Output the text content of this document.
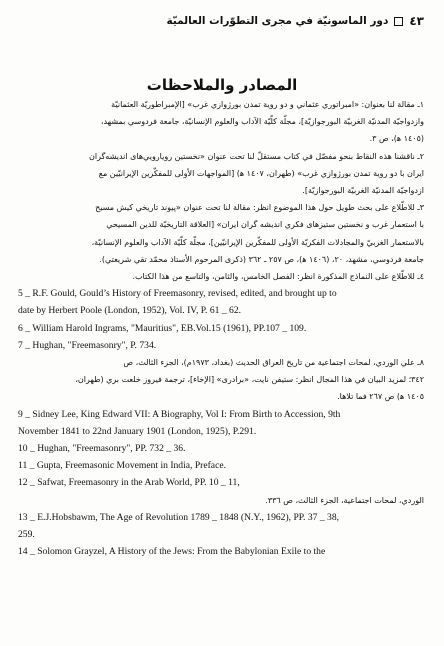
٤٣
دور الماسونيّة في مجرى التطوّرات العالميّة
المصادر والملاحظات

١ـ مقالة لنا بعنوان: «امبراتوري عثماني و دو روية تمدن بورژوازي غرب» [الإمبراطوريّة العثمانيّة

وازدواجيّة المدنيّة الغربيّة البورجوازيّة]، مجلّة كلّيّة الآداب والعلوم الإنسانيّة، جامعة فردوسي بمشهد،

(١٤٠٥ ﻫ)، ص ٣.

٢ـ ناقشنا هذه النقاط بنحو مفصّل في كتاب مستقلّ لنا تحت عنوان «نخستين رويارويي‌هاى انديشه‌گران

ايران با دو روية تمدن بورژوازي غرب» (طهران، ١٤٠٧ ﻫ) [المواجهات الأولى للمفكّرين الإيرانيّين مع

ازدواجيّة المدنيّة الغربيّة البورجوازيّة].

٣ـ للاطّلاع على بحث طويل حول هذا الموضوع انظر: مقالة لنا تحت عنوان «پيوند تاريخي كيش مسيح

با استعمار غرب و نخستين ستيزهاى فكري انديشه گران ايران» [العلاقة التاريخيّة للدين المسيحي

بالاستعمار الغربيّ والمجادلات الفكريّة الأولى للمفكّرين الإيرانيّين]، مجلّة كلّيّة الآداب والعلوم الإنسانيّة،

جامعة فردوسي، مشهد، ٢٠، (١٤٠٦ ﻫ)، ص ٢٥٧ ـ ٣٦٢ (ذكرى المرحوم الأستاذ محمّد تقي شريعتي).

٤ـ للاطّلاع على النماذج المذكورة انظر: الفصل الخامس، والثامن، والتاسع من هذا الكتاب.

5 _ R.F. Gould, Gould’s History of Freemasonry, revised, edited, and brought up to

date by Herbert Poole (London, 1952), Vol. IV, P. 61 _ 62.

6 _ William Harold Ingrams, "Mauritius", EB.Vol.15 (1961), PP.107 _ 109.

7 _ Hughan, "Freemasonry", P. 734.

٨ـ علي الوردي، لمحات اجتماعية من تاريخ العراق الحديث (بغداد، ١٩٧٣م)، الجزء الثالث، ص

٣٤٢؛ لمزيد البيان في هذا المجال انظر: ستيفن نايت، «برادرى» [الإخاء]، ترجمة فيروز خلعت بري (طهران،

١٤٠٥ ﻫ) ص ٢٦٧ فما تلاها.

9 _ Sidney Lee, King Edward VII: A Biography, Vol I: From Birth to Accession, 9th

November 1841 to 22nd January 1901 (London, 1925), P.291.

10 _ Hughan, "Freemasonry", PP. 732 _ 36.

11 _ Gupta, Freemasonic Movement in India, Preface.

12 _ Safwat, Freemasonry in the Arab World, PP. 10 _ 11,

الوردي، لمحات اجتماعية، الجزء الثالث، ص ٣٣٦.

13 _ E.J.Hobsbawm, The Age of Revolution 1789 _ 1848 (N.Y., 1962), PP. 37 _ 38,

259.

14 _ Solomon Grayzel, A History of the Jews: From the Babylonian Exile to the
